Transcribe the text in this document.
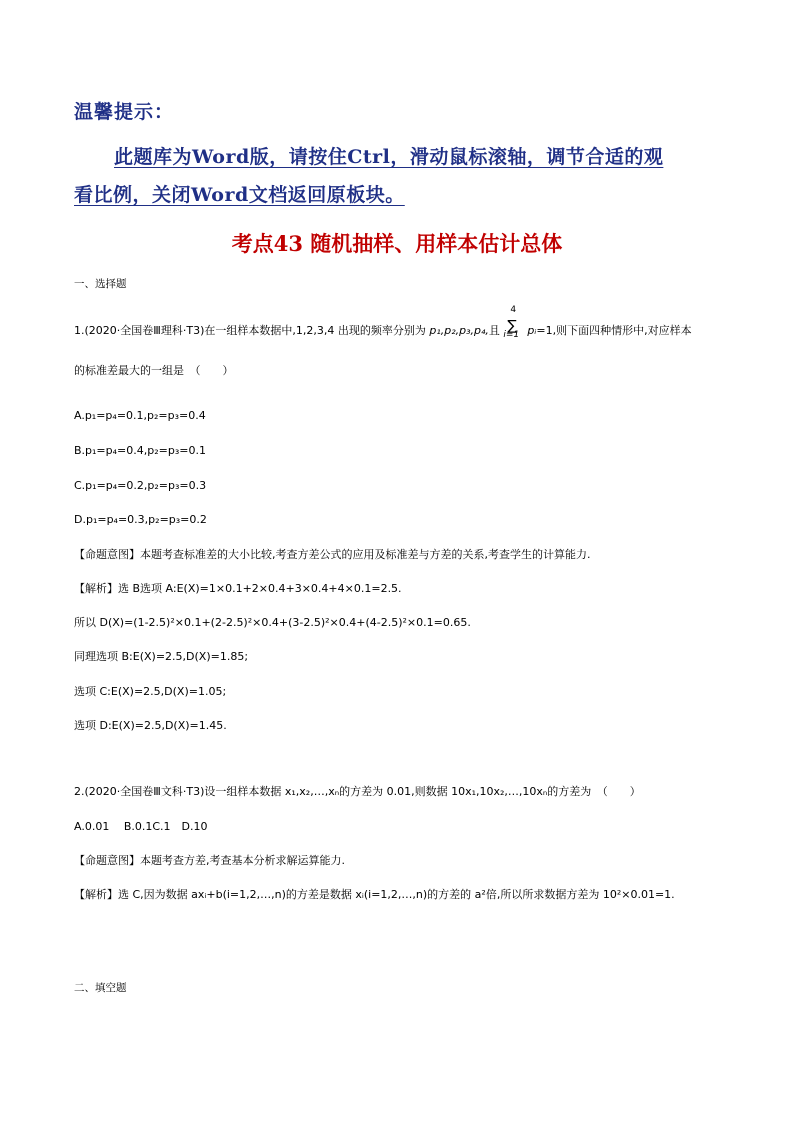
温馨提示：
此题库为Word版，请按住Ctrl，滑动鼠标滚轴，调节合适的观
看比例，关闭Word文档返回原板块。
考点43 随机抽样、用样本估计总体
一、选择题
1.(2020·全国卷Ⅲ理科·T3)在一组样本数据中,1,2,3,4 出现的频率分别为 p₁,p₂,p₃,p₄,且
4
∑
i=1 pᵢ=1,则下面四种情形中,对应样本
的标准差最大的一组是　（　　）
A.p₁=p₄=0.1,p₂=p₃=0.4
B.p₁=p₄=0.4,p₂=p₃=0.1
C.p₁=p₄=0.2,p₂=p₃=0.3
D.p₁=p₄=0.3,p₂=p₃=0.2
【命题意图】本题考查标准差的大小比较,考查方差公式的应用及标准差与方差的关系,考查学生的计算能力.
【解析】选 B选项 A:E(X)=1×0.1+2×0.4+3×0.4+4×0.1=2.5.
所以 D(X)=(1-2.5)²×0.1+(2-2.5)²×0.4+(3-2.5)²×0.4+(4-2.5)²×0.1=0.65.
同理选项 B:E(X)=2.5,D(X)=1.85;
选项 C:E(X)=2.5,D(X)=1.05;
选项 D:E(X)=2.5,D(X)=1.45.
2.(2020·全国卷Ⅲ文科·T3)设一组样本数据 x₁,x₂,…,xₙ的方差为 0.01,则数据 10x₁,10x₂,…,10xₙ的方差为　（　　）
A.0.01　 B.0.1C.1　D.10
【命题意图】本题考查方差,考查基本分析求解运算能力.
【解析】选 C,因为数据 axᵢ+b(i=1,2,…,n)的方差是数据 xᵢ(i=1,2,…,n)的方差的 a²倍,所以所求数据方差为 10²×0.01=1.
二、填空题
